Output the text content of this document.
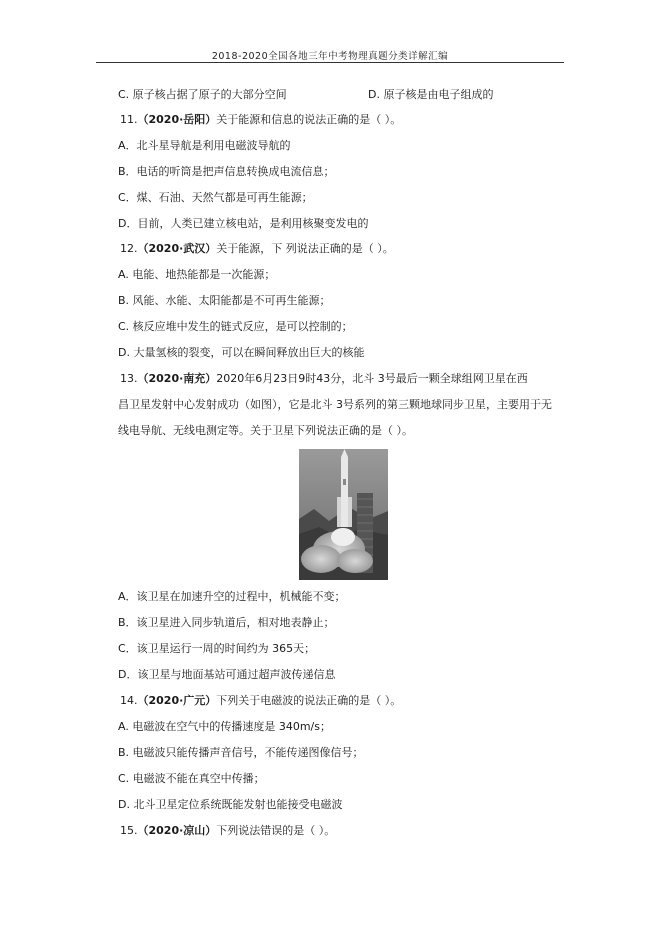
2018-2020全国各地三年中考物理真题分类详解汇编
C. 原子核占据了原子的大部分空间	D. 原子核是由电子组成的
11.（2020·岳阳）关于能源和信息的说法正确的是（ ）。
A．北斗星导航是利用电磁波导航的
B．电话的听筒是把声信息转换成电流信息；
C．煤、石油、天然气都是可再生能源；
D．目前，人类已建立核电站，是利用核聚变发电的
12.（2020·武汉）关于能源，下 列说法正确的是（ ）。
A. 电能、地热能都是一次能源；
B. 风能、水能、太阳能都是不可再生能源；
C. 核反应堆中发生的链式反应，是可以控制的；
D. 大量氢核的裂变，可以在瞬间释放出巨大的核能
13.（2020·南充）2020年6月23日9时43分，北斗 3号最后一颗全球组网卫星在西
昌卫星发射中心发射成功（如图），它是北斗 3号系列的第三颗地球同步卫星，主要用于无
线电导航、无线电测定等。关于卫星下列说法正确的是（ ）。
A．该卫星在加速升空的过程中，机械能不变；
B．该卫星进入同步轨道后，相对地表静止；
C．该卫星运行一周的时间约为 365天；
D．该卫星与地面基站可通过超声波传递信息
14.（2020·广元）下列关于电磁波的说法正确的是（ ）。
A. 电磁波在空气中的传播速度是 340m/s；
B. 电磁波只能传播声音信号，不能传递图像信号；
C. 电磁波不能在真空中传播；
D. 北斗卫星定位系统既能发射也能接受电磁波
15.（2020·凉山）下列说法错误的是（ ）。
